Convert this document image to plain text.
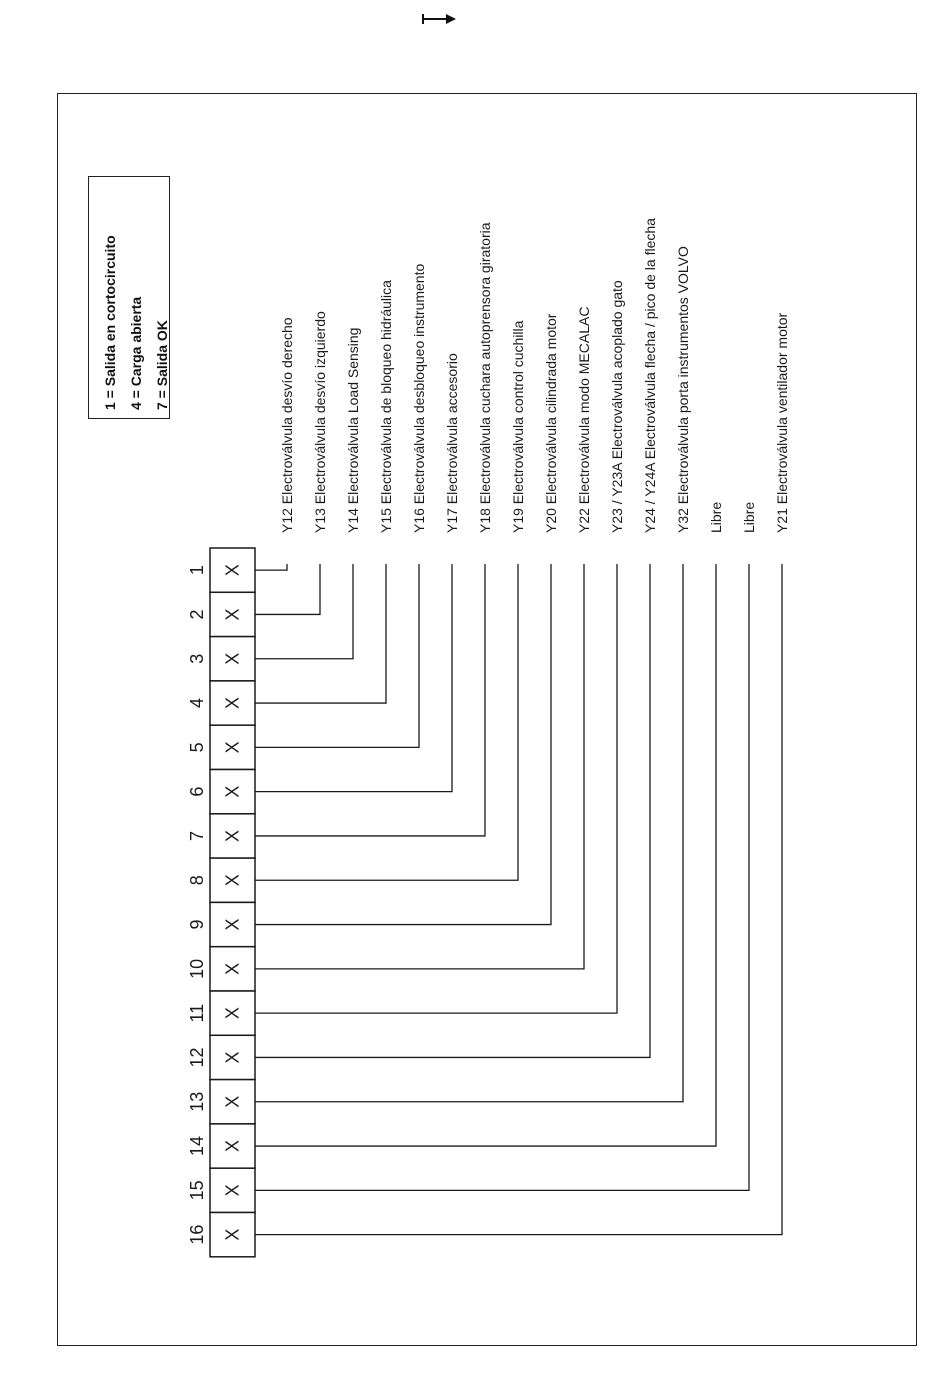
1 = Salida en cortocircuito 4 = Carga abierta 7 = Salida OK
X
1
X
2
X
3
X
4
X
5
X
6
X
7
X
8
X
9
X
10
X
11
X
12
X
13
X
14
X
15
X
16
Y12 Electroválvula desvío derecho Y13 Electroválvula desvío izquierdo Y14 Electroválvula Load Sensing Y15 Electroválvula de bloqueo hidráulica Y16 Electroválvula desbloqueo instrumento Y17 Electroválvula accesorio Y18 Electroválvula cuchara autoprensora giratoria Y19 Electroválvula control cuchilla Y20 Electroválvula cilindrada motor Y22 Electroválvula modo MECALAC Y23 / Y23A Electroválvula acoplado gato Y24 / Y24A Electroválvula flecha / pico de la flecha Y32 Electroválvula porta instrumentos VOLVO Libre Libre Y21 Electroválvula ventilador motor
